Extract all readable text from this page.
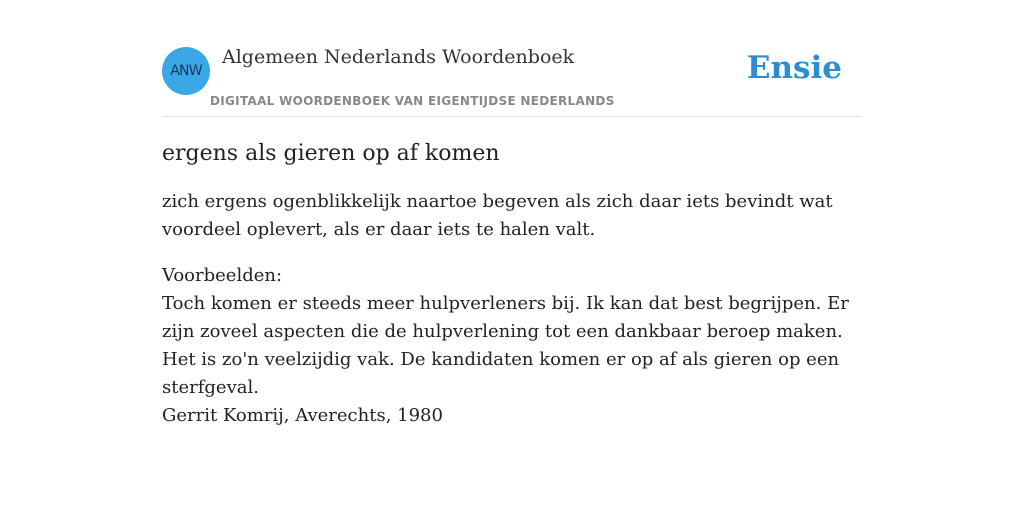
ANW
Algemeen Nederlands Woordenboek
DIGITAAL WOORDENBOEK VAN EIGENTIJDSE NEDERLANDS
Ensie
ergens als gieren op af komen

zich ergens ogenblikkelijk naartoe begeven als zich daar iets bevindt wat voordeel oplevert, als er daar iets te halen valt.

Voorbeelden:
Toch komen er steeds meer hulpverleners bij. Ik kan dat best begrijpen. Er zijn zoveel aspecten die de hulpverlening tot een dankbaar beroep maken. Het is zo'n veelzijdig vak. De kandidaten komen er op af als gieren op een sterfgeval.
Gerrit Komrij, Averechts, 1980
